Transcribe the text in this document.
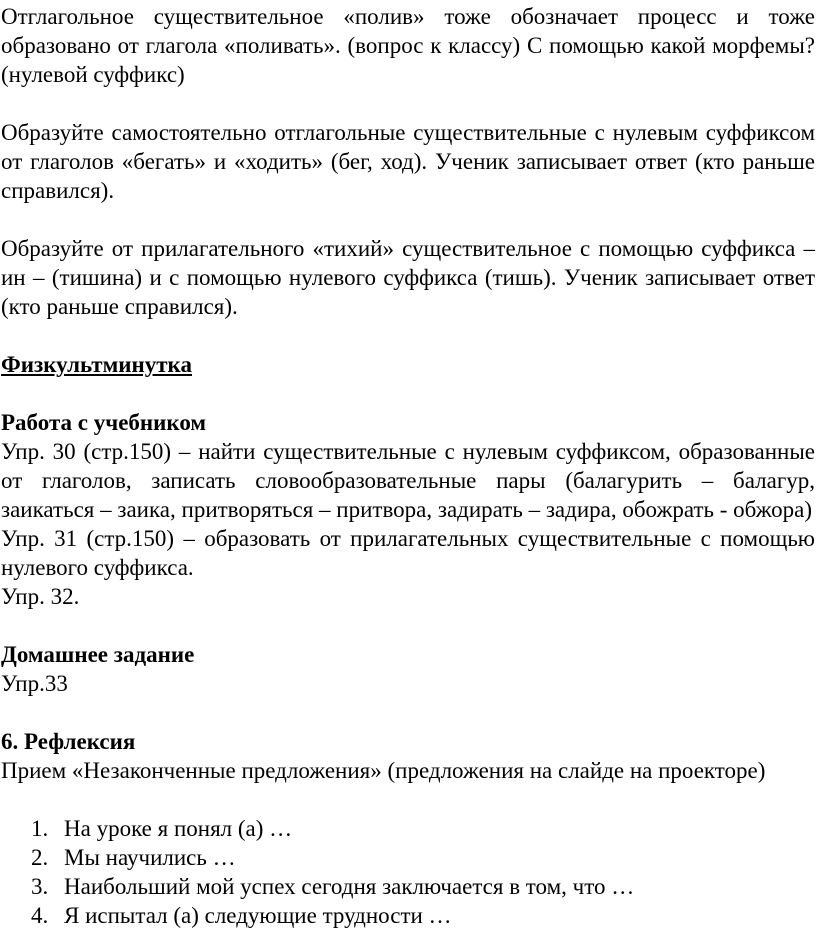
Отглагольное существительное «полив» тоже обозначает процесс и тоже образовано от глагола «поливать». (вопрос к классу) С помощью какой морфемы? (нулевой суффикс)

Образуйте самостоятельно отглагольные существительные с нулевым суффиксом от глаголов «бегать» и «ходить» (бег, ход). Ученик записывает ответ (кто раньше справился).

Образуйте от прилагательного «тихий» существительное с помощью суффикса – ин – (тишина) и с помощью нулевого суффикса (тишь). Ученик записывает ответ (кто раньше справился).

Физкультминутка

Работа с учебником

Упр. 30 (стр.150) – найти существительные с нулевым суффиксом, образованные от глаголов, записать словообразовательные пары (балагурить – балагур, заикаться – заика, притворяться – притвора, задирать – задира, обожрать - обжора)

Упр. 31 (стр.150) – образовать от прилагательных существительные с помощью нулевого суффикса.

Упр. 32.

Домашнее задание

Упр.33

6. Рефлексия

Прием «Незаконченные предложения» (предложения на слайде на проекторе)

1. На уроке я понял (а) …
2. Мы научились …
3. Наибольший мой успех сегодня заключается в том, что …
4. Я испытал (а) следующие трудности …
